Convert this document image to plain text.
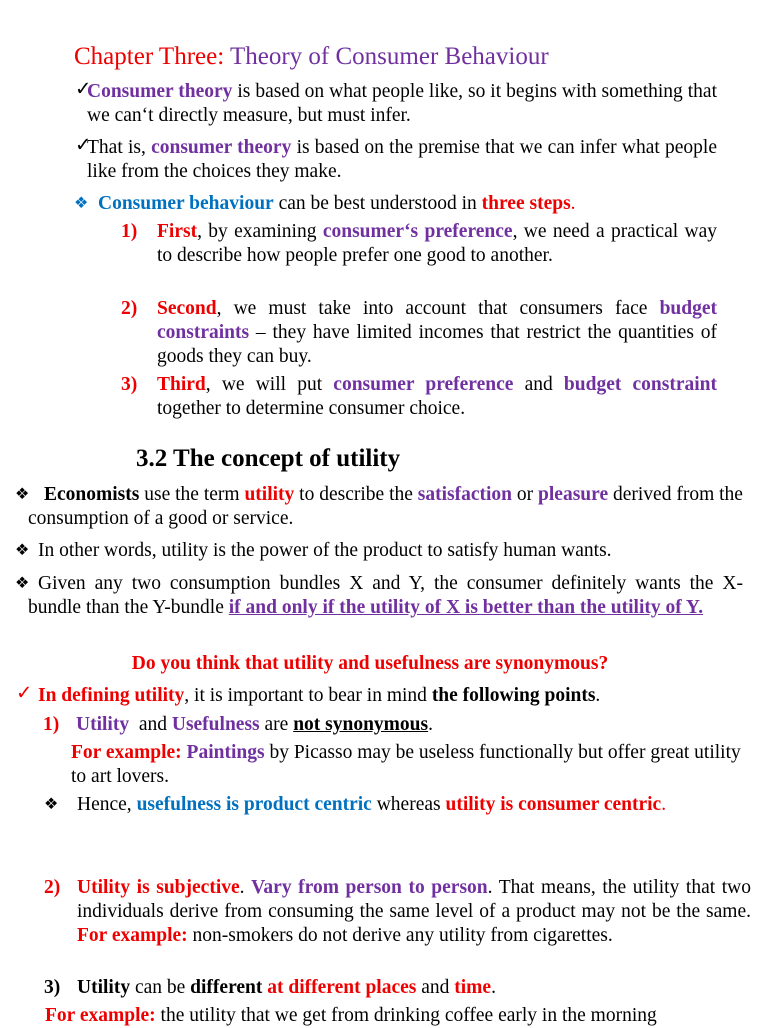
Chapter Three: Theory of Consumer Behaviour
✓
Consumer theory is based on what people like, so it begins with something that we can‘t directly measure, but must infer.
✓
That is, consumer theory is based on the premise that we can infer what people like from the choices they make.
❖ Consumer behaviour can be best understood in three steps.
1) First, by examining consumer‘s preference, we need a practical way to describe how people prefer one good to another.
2) Second, we must take into account that consumers face budget constraints – they have limited incomes that restrict the quantities of goods they can buy.
3) Third, we will put consumer preference and budget constraint together to determine consumer choice.
3.2 The concept of utility
❖ Economists use the term utility to describe the satisfaction or pleasure derived from the consumption of a good or service.
❖ In other words, utility is the power of the product to satisfy human wants.
❖ Given any two consumption bundles X and Y, the consumer definitely wants the X-bundle than the Y-bundle if and only if the utility of X is better than the utility of Y.
Do you think that utility and usefulness are synonymous?
✓ In defining utility, it is important to bear in mind the following points.
1) Utility  and Usefulness are not synonymous.
For example: Paintings by Picasso may be useless functionally but offer great utility to art lovers.
❖ Hence, usefulness is product centric whereas utility is consumer centric.
2) Utility is subjective. Vary from person to person. That means, the utility that two individuals derive from consuming the same level of a product may not be the same. For example: non-smokers do not derive any utility from cigarettes.
3) Utility can be different at different places and time.
For example: the utility that we get from drinking coffee early in the morning
